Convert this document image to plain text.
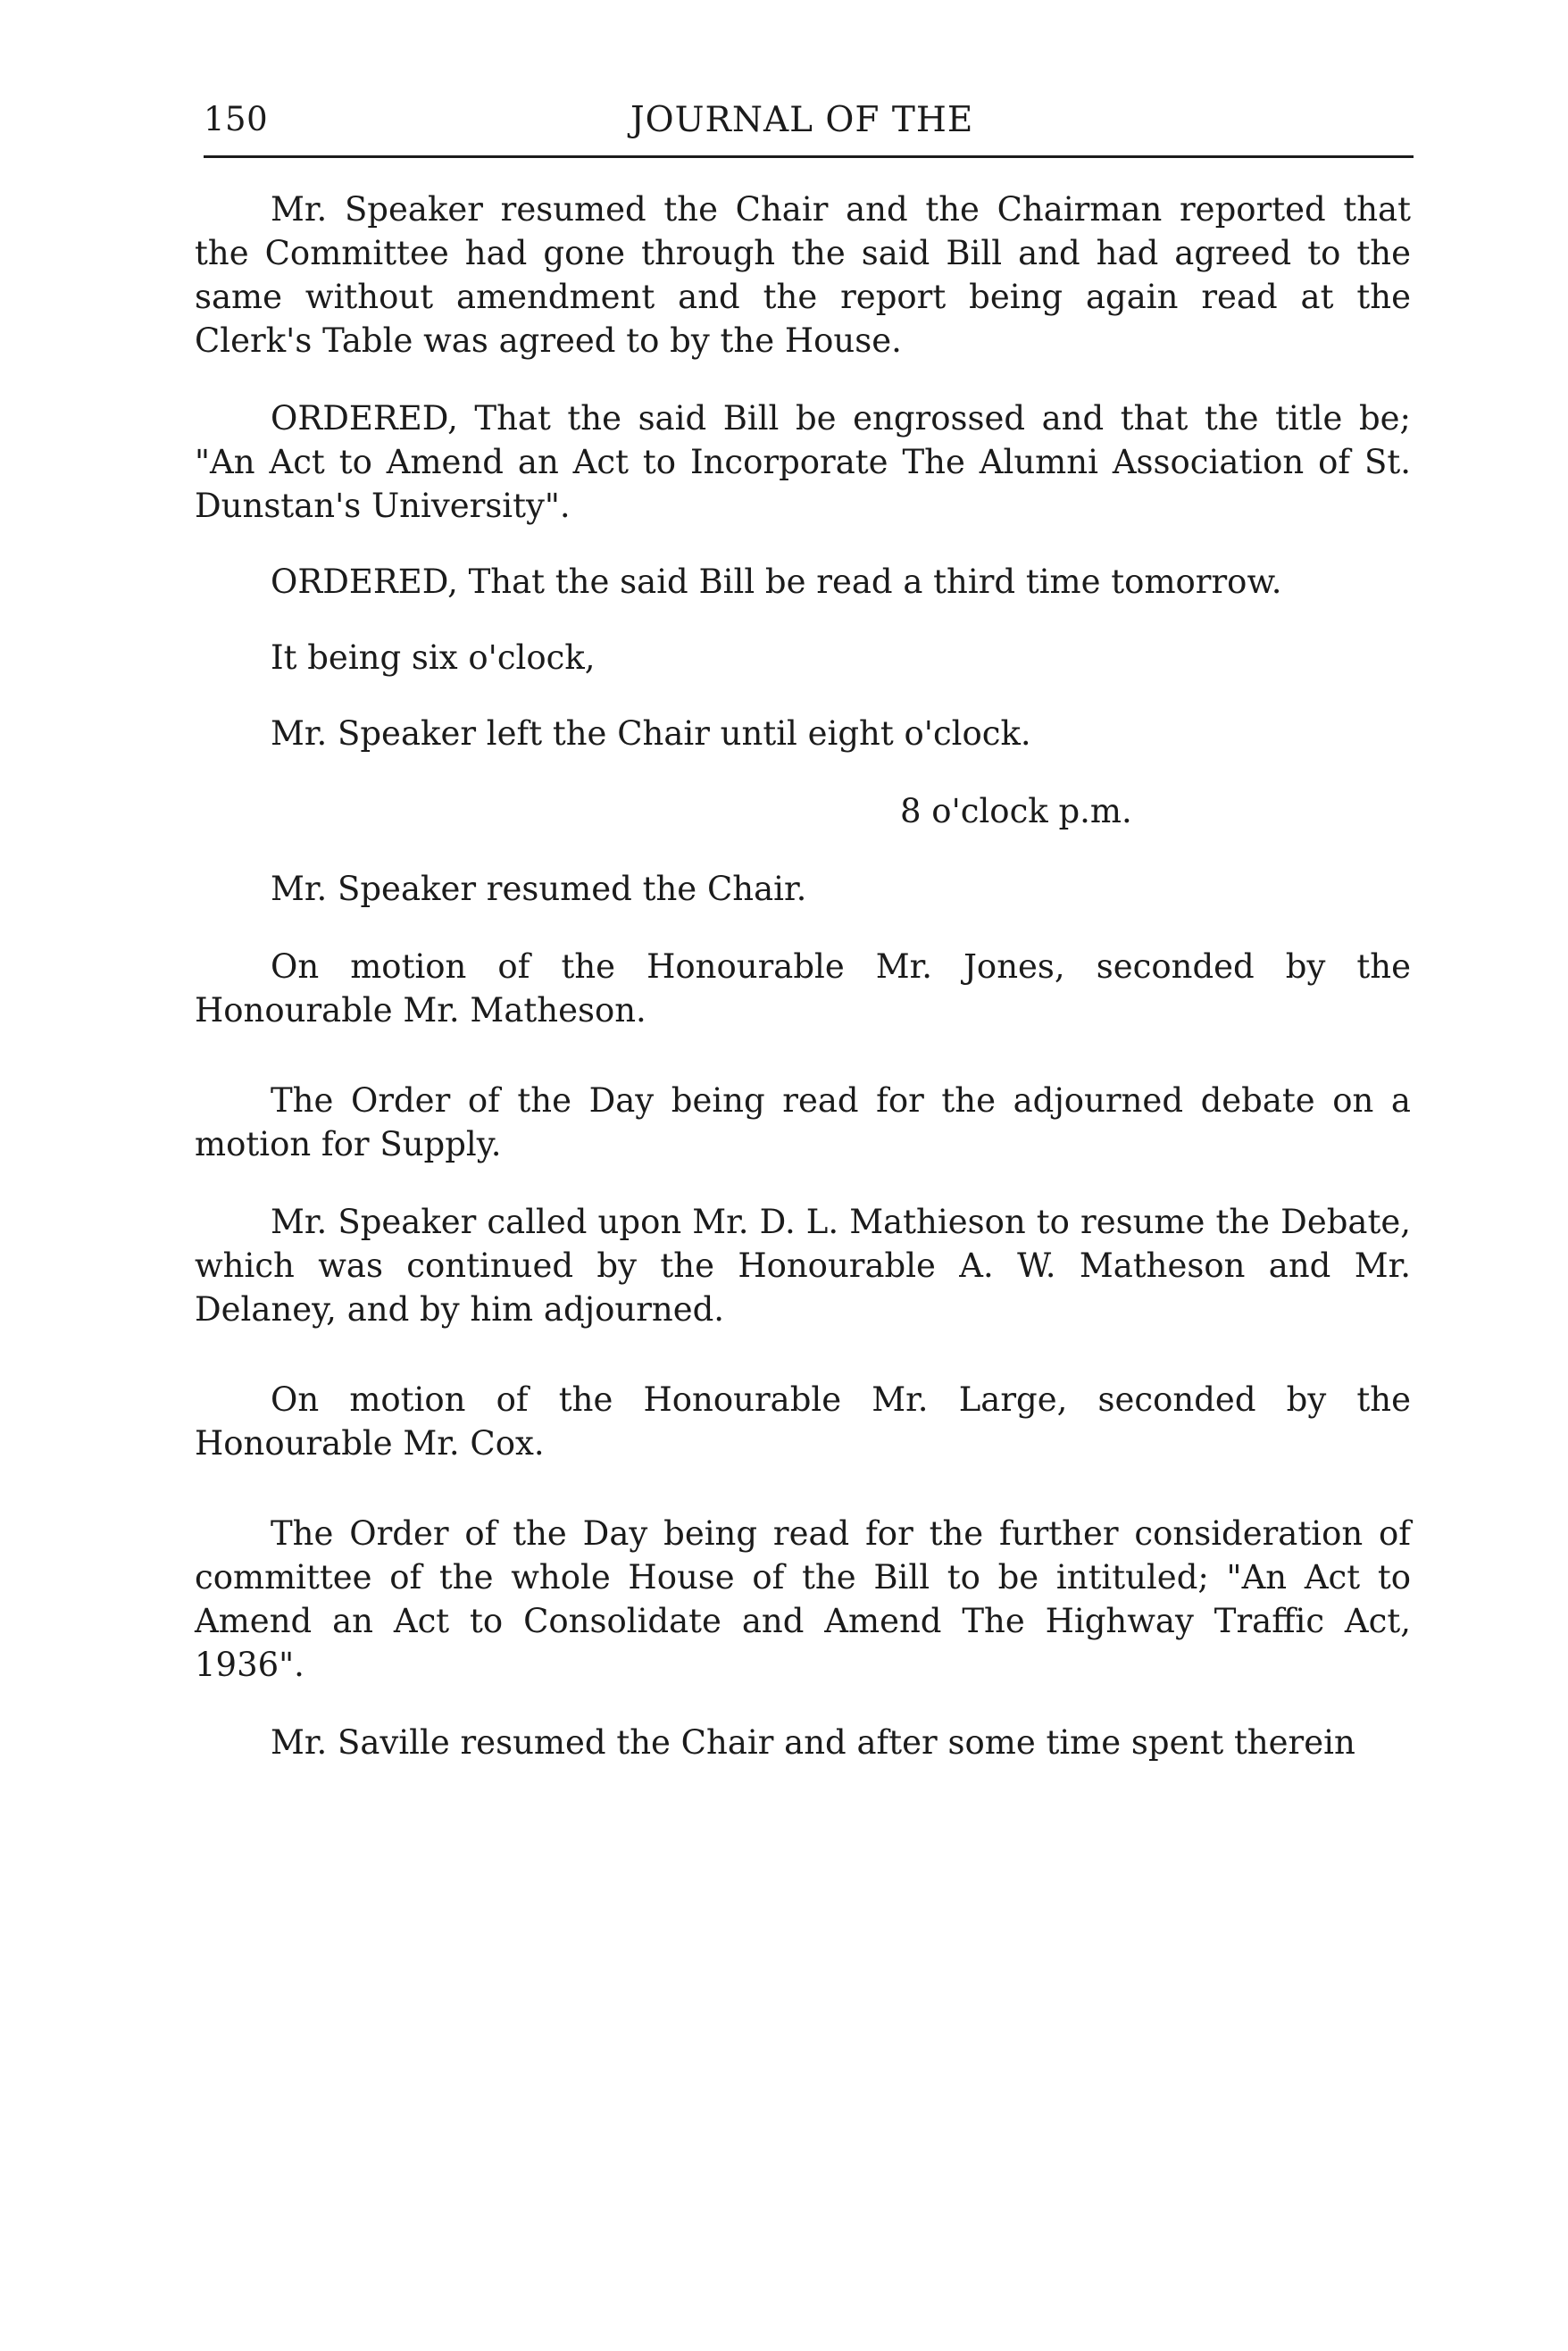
150	JOURNAL OF THE

Mr. Speaker resumed the Chair and the Chairman reported that the Committee had gone through the said Bill and had agreed to the same without amendment and the report being again read at the Clerk's Table was agreed to by the House.

ORDERED, That the said Bill be engrossed and that the title be; "An Act to Amend an Act to Incorporate The Alumni Association of St. Dunstan's University".

ORDERED, That the said Bill be read a third time tomorrow.

It being six o'clock,

Mr. Speaker left the Chair until eight o'clock.

8 o'clock p.m.

Mr. Speaker resumed the Chair.

On motion of the Honourable Mr. Jones, seconded by the Honourable Mr. Matheson.

The Order of the Day being read for the adjourned debate on a motion for Supply.

Mr. Speaker called upon Mr. D. L. Mathieson to resume the Debate, which was continued by the Honourable A. W. Matheson and Mr. Delaney, and by him adjourned.

On motion of the Honourable Mr. Large, seconded by the Honourable Mr. Cox.

The Order of the Day being read for the further consideration of committee of the whole House of the Bill to be intituled; "An Act to Amend an Act to Consolidate and Amend The Highway Traffic Act, 1936".

Mr. Saville resumed the Chair and after some time spent therein
